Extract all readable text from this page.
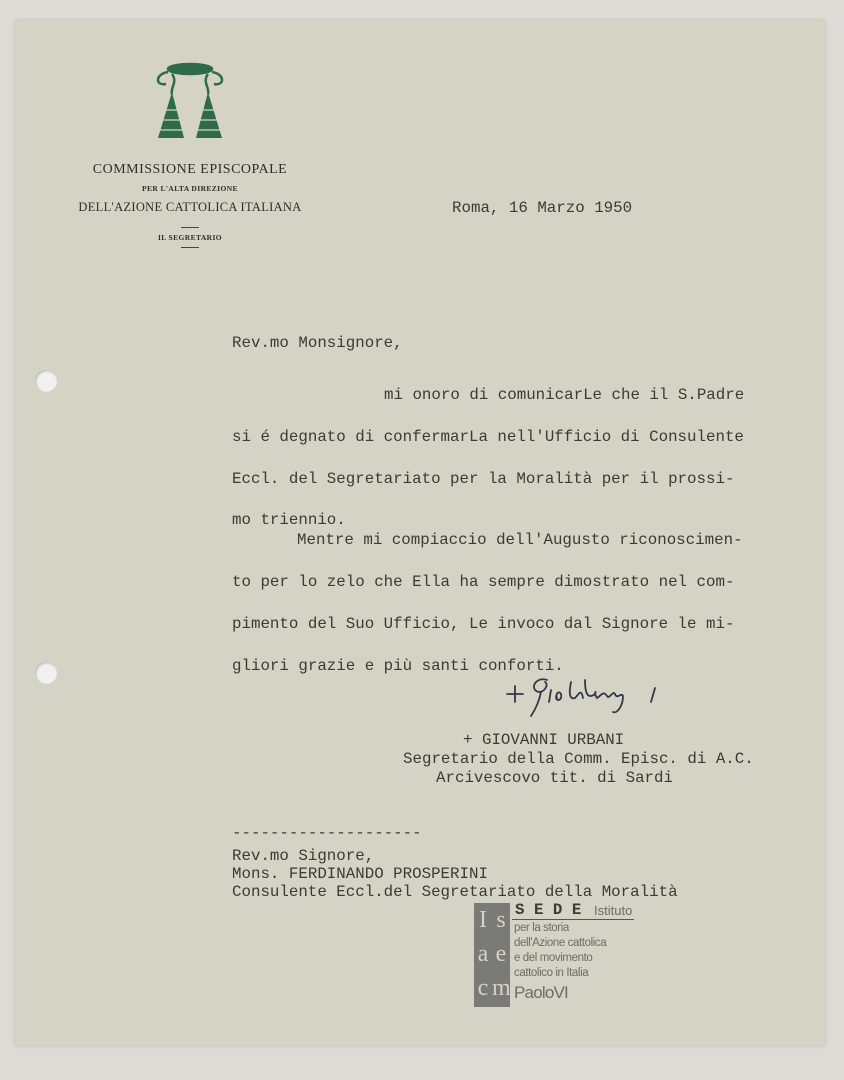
COMMISSIONE EPISCOPALE
PER L'ALTA DIREZIONE
DELL'AZIONE CATTOLICA ITALIANA
IL SEGRETARIO
Roma, 16 Marzo 1950
Rev.mo Monsignore,
mi onoro di comunicarLe che il S.Padre
si é degnato di confermarLa nell'Ufficio di Consulente
Eccl. del Segretariato per la Moralità per il prossi-
mo triennio.
Mentre mi compiaccio dell'Augusto riconoscimen-
to per lo zelo che Ella ha sempre dimostrato nel com-
pimento del Suo Ufficio, Le invoco dal Signore le mi-
gliori grazie e più santi conforti.
+ GIOVANNI URBANI
Segretario della Comm. Episc. di A.C.
Arcivescovo tit. di Sardi
--------------------
Rev.mo Signore,
Mons. FERDINANDO PROSPERINI
Consulente Eccl.del Segretariato della Moralità
I s
a e
c m
Istituto
per la storia
dell'Azione cattolica
e del movimento
cattolico in Italia
PaoloVI
S E D E
